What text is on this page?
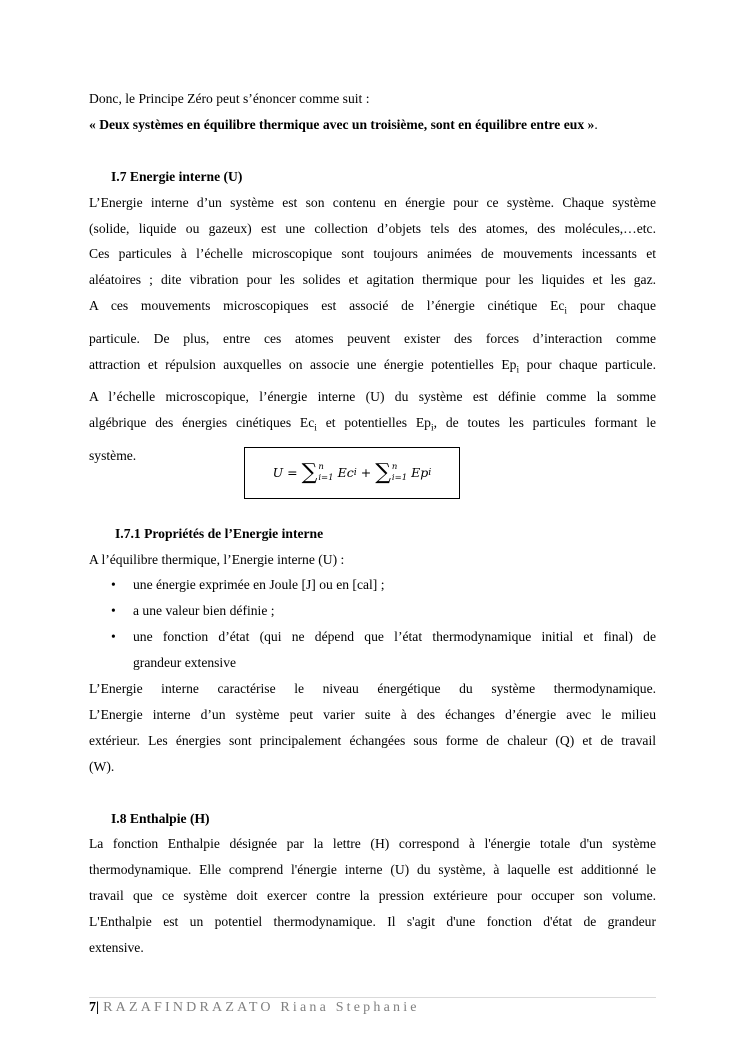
Donc, le Principe Zéro peut s’énoncer comme suit :

« Deux systèmes en équilibre thermique avec un troisième, sont en équilibre entre eux ».

I.7 Energie interne (U)

L’Energie interne d’un système est son contenu en énergie pour ce système. Chaque système

(solide, liquide ou gazeux) est une collection d’objets tels des atomes, des molécules,…etc.

Ces particules à l’échelle microscopique sont toujours animées de mouvements incessants et

aléatoires ; dite vibration pour les solides et agitation thermique pour les liquides et les gaz.

A ces mouvements microscopiques est associé de l’énergie cinétique $Ec_i$ pour chaque

particule. De plus, entre ces atomes peuvent exister des forces d’interaction comme

attraction et répulsion auxquelles on associe une énergie potentielles $Ep_i$ pour chaque particule.

A l’échelle microscopique, l’énergie interne (U) du système est définie comme la somme

algébrique des énergies cinétiques $Ec_i$ et potentielles $Ep_i$, de toutes les particules formant le

système.

U = ∑ n
i=1 Ec i + ∑ n
i=1 Ep i

I.7.1 Propriétés de l’Energie interne

A l’équilibre thermique, l’Energie interne (U) :

• une énergie exprimée en Joule [J] ou en [cal] ;
• a une valeur bien définie ;
• une fonction d’état (qui ne dépend que l’état thermodynamique initial et final) de

grandeur extensive

L’Energie interne caractérise le niveau énergétique du système thermodynamique.

L’Energie interne d’un système peut varier suite à des échanges d’énergie avec le milieu

extérieur. Les énergies sont principalement échangées sous forme de chaleur (Q) et de travail

(W).

I.8 Enthalpie (H)

La fonction Enthalpie désignée par la lettre (H) correspond à l'énergie totale d'un système

thermodynamique. Elle comprend l'énergie interne (U) du système, à laquelle est additionné le

travail que ce système doit exercer contre la pression extérieure pour occuper son volume.

L'Enthalpie est un potentiel thermodynamique. Il s'agit d'une fonction d'état de grandeur

extensive.

7| RAZAFINDRAZATO Riana Stephanie
